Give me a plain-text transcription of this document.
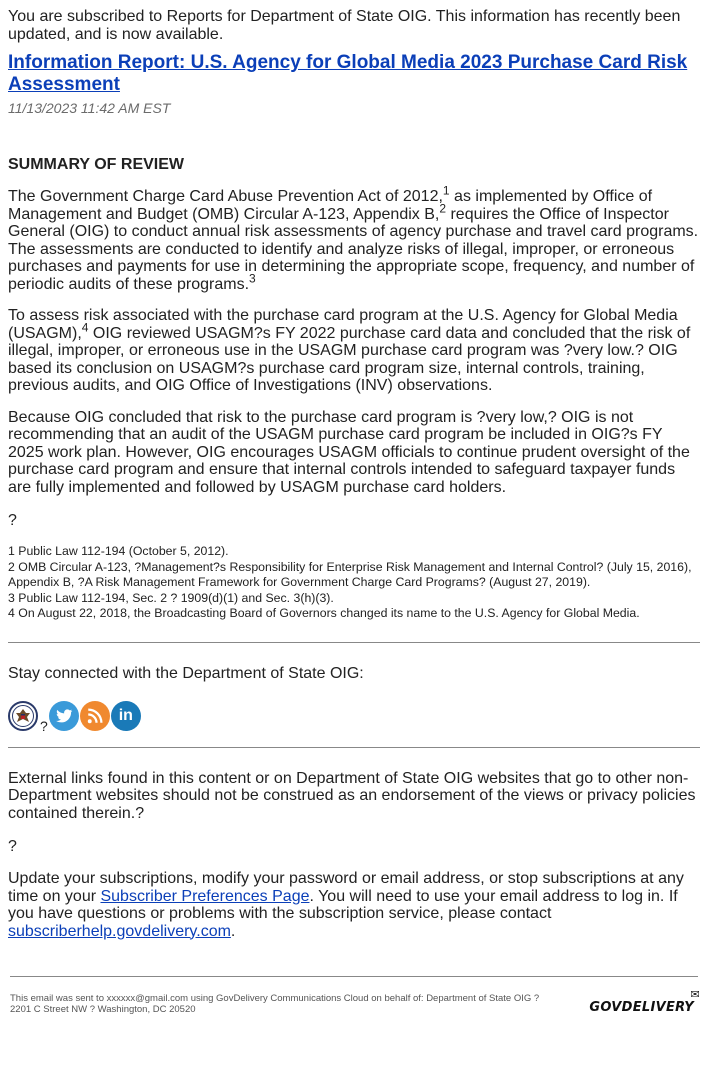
You are subscribed to Reports for Department of State OIG. This information has recently been updated, and is now available.

Information Report: U.S. Agency for Global Media 2023 Purchase Card Risk Assessment

11/13/2023 11:42 AM EST

SUMMARY OF REVIEW

The Government Charge Card Abuse Prevention Act of 2012,$^1$ as implemented by Office of Management and Budget (OMB) Circular A-123, Appendix B,$^2$ requires the Office of Inspector General (OIG) to conduct annual risk assessments of agency purchase and travel card programs. The assessments are conducted to identify and analyze risks of illegal, improper, or erroneous purchases and payments for use in determining the appropriate scope, frequency, and number of periodic audits of these programs.$^3$

To assess risk associated with the purchase card program at the U.S. Agency for Global Media (USAGM),$^4$ OIG reviewed USAGM?s FY 2022 purchase card data and concluded that the risk of illegal, improper, or erroneous use in the USAGM purchase card program was ?very low.? OIG based its conclusion on USAGM?s purchase card program size, internal controls, training, previous audits, and OIG Office of Investigations (INV) observations.

Because OIG concluded that risk to the purchase card program is ?very low,? OIG is not recommending that an audit of the USAGM purchase card program be included in OIG?s FY 2025 work plan. However, OIG encourages USAGM officials to continue prudent oversight of the purchase card program and ensure that internal controls intended to safeguard taxpayer funds are fully implemented and followed by USAGM purchase card holders.

?

1 Public Law 112-194 (October 5, 2012).
2 OMB Circular A-123, ?Management?s Responsibility for Enterprise Risk Management and Internal Control? (July 15, 2016), Appendix B, ?A Risk Management Framework for Government Charge Card Programs? (August 27, 2019).
3 Public Law 112-194, Sec. 2 ? 1909(d)(1) and Sec. 3(h)(3).
4 On August 22, 2018, the Broadcasting Board of Governors changed its name to the U.S. Agency for Global Media.

Stay connected with the Department of State OIG:

?
in

External links found in this content or on Department of State OIG websites that go to other non-Department websites should not be construed as an endorsement of the views or privacy policies contained therein.?

?

Update your subscriptions, modify your password or email address, or stop subscriptions at any time on your Subscriber Preferences Page. You will need to use your email address to log in. If you have questions or problems with the subscription service, please contact subscriberhelp.govdelivery.com.

This email was sent to xxxxxx@gmail.com using GovDelivery Communications Cloud on behalf of: Department of State OIG ?
2201 C Street NW ? Washington, DC 20520
✉
GOVDELIVERY
